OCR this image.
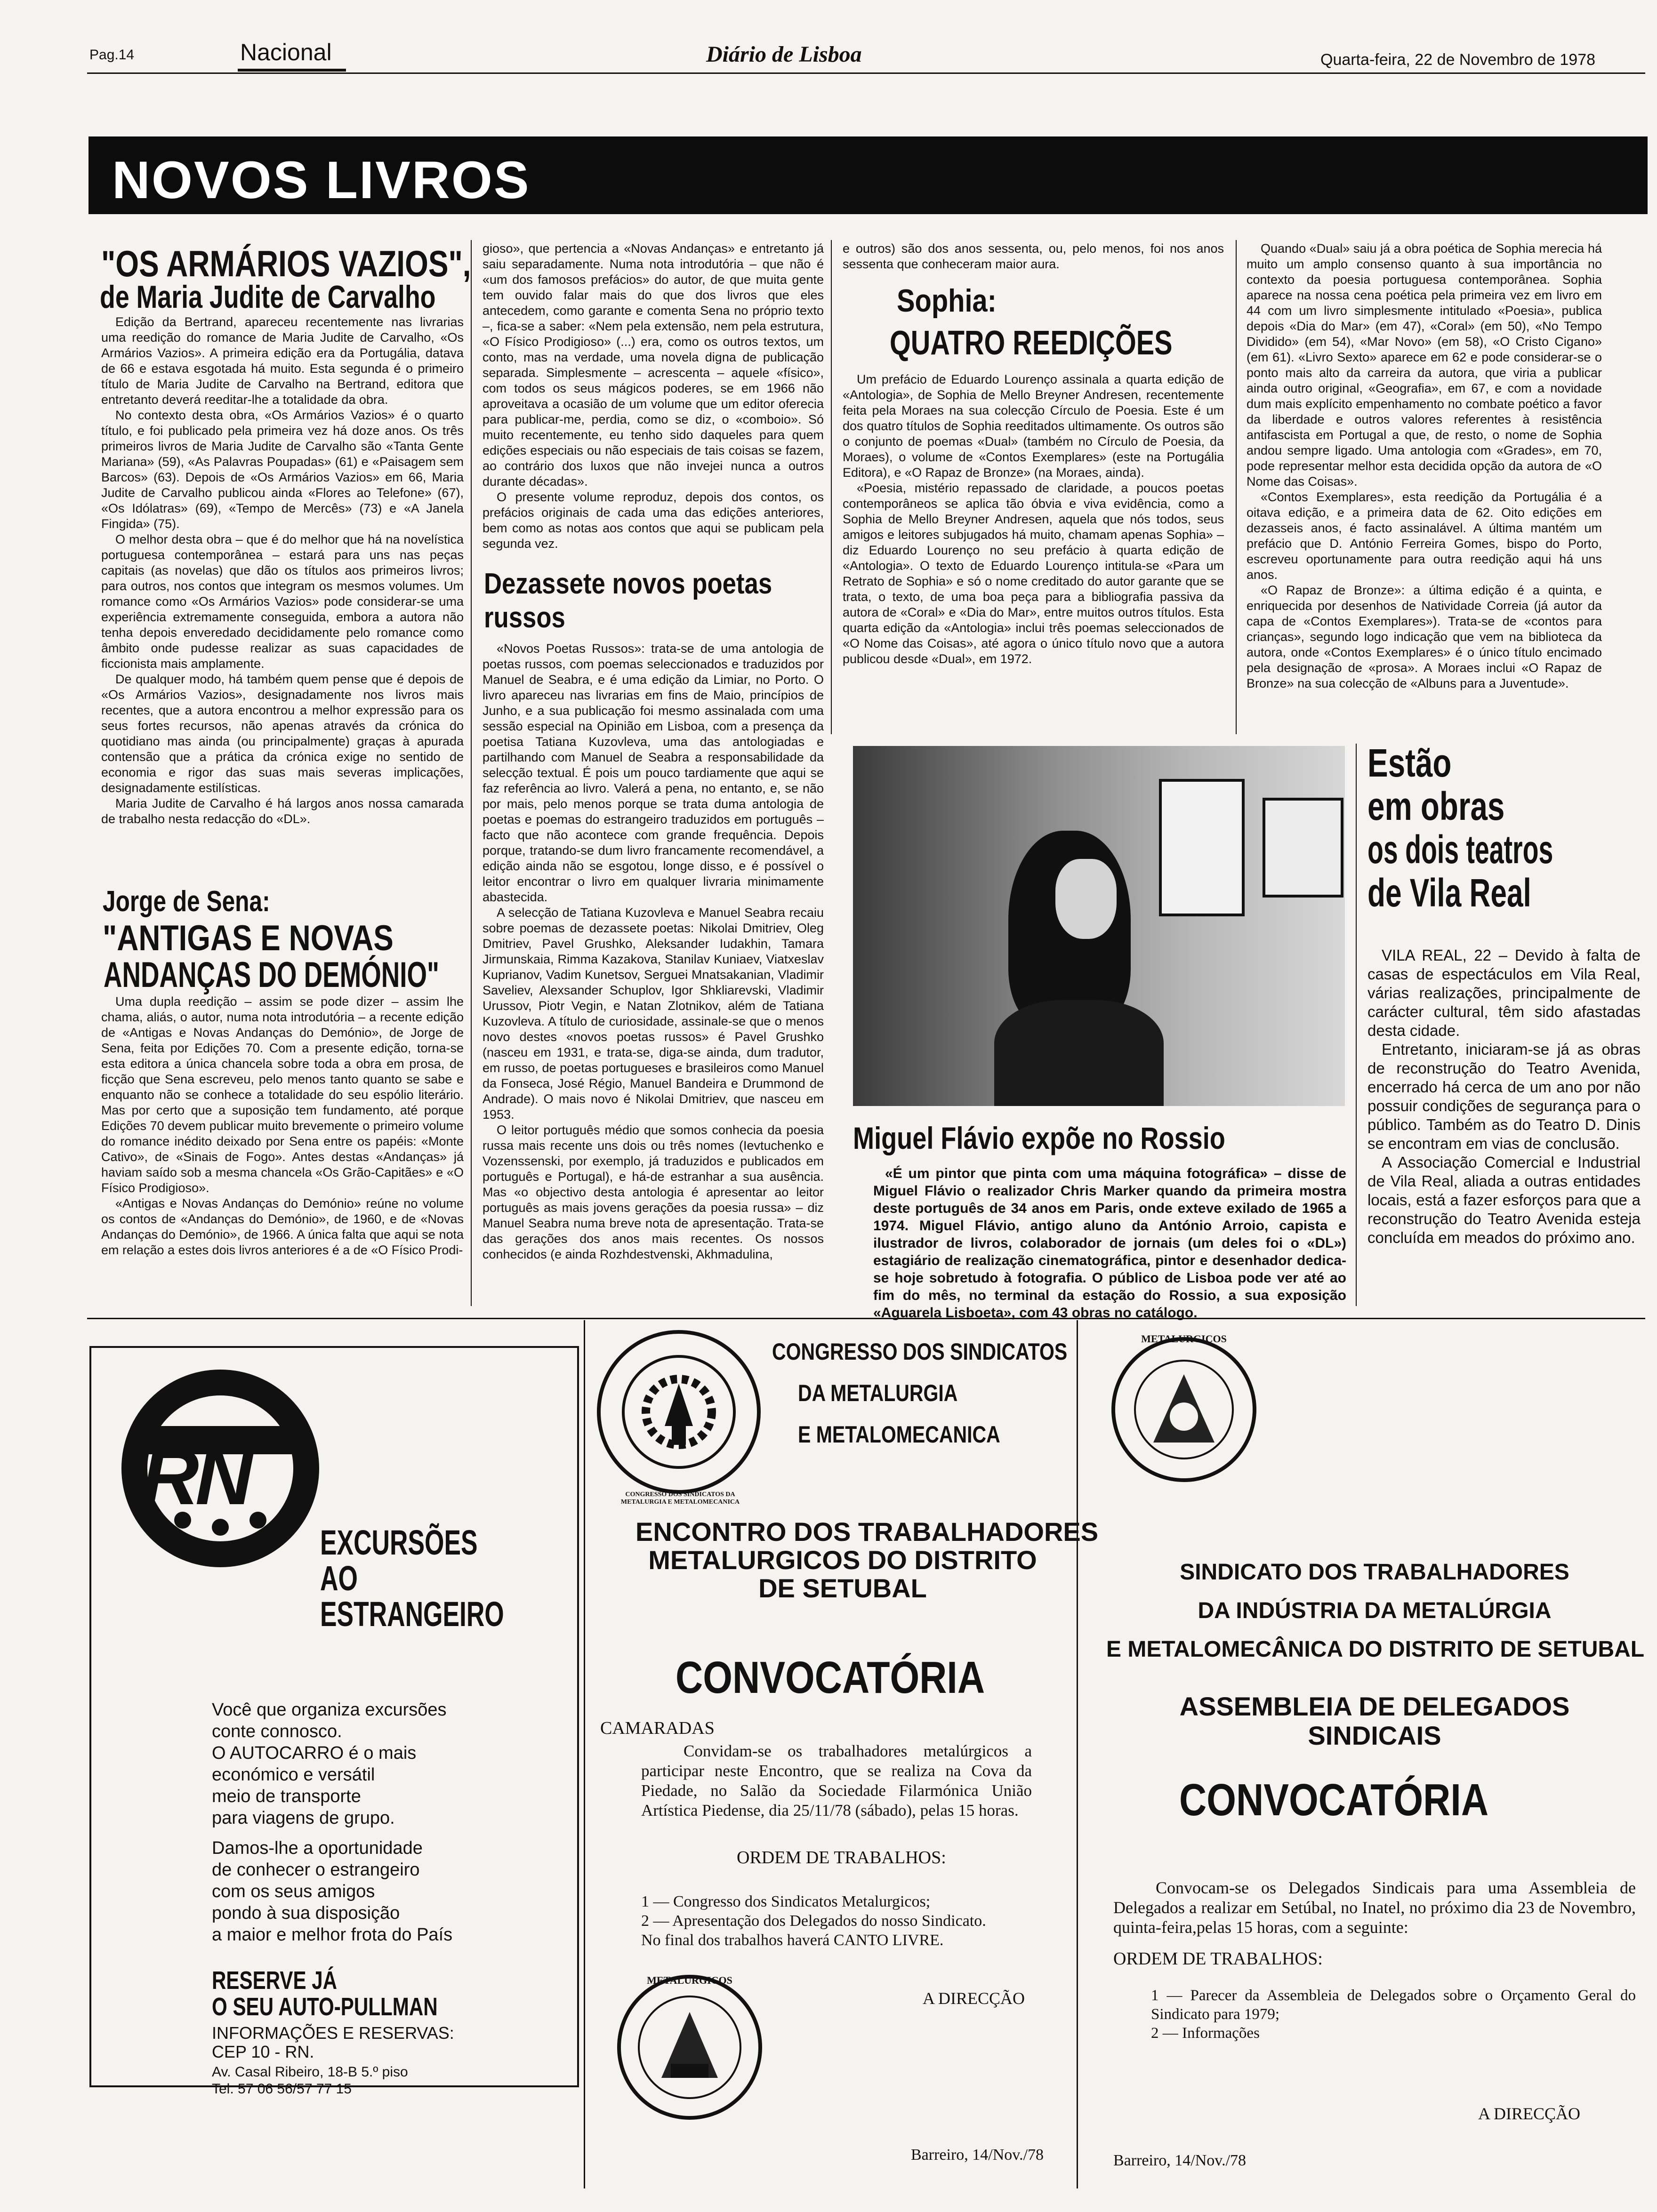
Pag.14	Nacional	Diário de Lisboa	Quarta-feira, 22 de Novembro de 1978
NOVOS LIVROS
"OS ARMÁRIOS VAZIOS",
de Maria Judite de Carvalho

Edição da Bertrand, apareceu recentemente nas livrarias uma reedição do romance de Maria Judite de Carvalho, «Os Armários Vazios». A primeira edição era da Portugália, datava de 66 e estava esgotada há muito. Esta segunda é o primeiro título de Maria Judite de Carvalho na Bertrand, editora que entretanto deverá reeditar-lhe a totalidade da obra.

No contexto desta obra, «Os Armários Vazios» é o quarto título, e foi publicado pela primeira vez há doze anos. Os três primeiros livros de Maria Judite de Carvalho são «Tanta Gente Mariana» (59), «As Palavras Poupadas» (61) e «Paisagem sem Barcos» (63). Depois de «Os Armários Vazios» em 66, Maria Judite de Carvalho publicou ainda «Flores ao Telefone» (67), «Os Idólatras» (69), «Tempo de Mercês» (73) e «A Janela Fingida» (75).

O melhor desta obra – que é do melhor que há na novelística portuguesa contemporânea – estará para uns nas peças capitais (as novelas) que dão os títulos aos primeiros livros; para outros, nos contos que integram os mesmos volumes. Um romance como «Os Armários Vazios» pode considerar-se uma experiência extremamente conseguida, embora a autora não tenha depois enveredado decididamente pelo romance como âmbito onde pudesse realizar as suas capacidades de ficcionista mais amplamente.

De qualquer modo, há também quem pense que é depois de «Os Armários Vazios», designadamente nos livros mais recentes, que a autora encontrou a melhor expressão para os seus fortes recursos, não apenas através da crónica do quotidiano mas ainda (ou principalmente) graças à apurada contensão que a prática da crónica exige no sentido de economia e rigor das suas mais severas implicações, designadamente estilísticas.

Maria Judite de Carvalho é há largos anos nossa camarada de trabalho nesta redacção do «DL».

Jorge de Sena:
"ANTIGAS E NOVAS
ANDANÇAS DO DEMÓNIO"

Uma dupla reedição – assim se pode dizer – assim lhe chama, aliás, o autor, numa nota introdutória – a recente edição de «Antigas e Novas Andanças do Demónio», de Jorge de Sena, feita por Edições 70. Com a presente edição, torna-se esta editora a única chancela sobre toda a obra em prosa, de ficção que Sena escreveu, pelo menos tanto quanto se sabe e enquanto não se conhece a totalidade do seu espólio literário. Mas por certo que a suposição tem fundamento, até porque Edições 70 devem publicar muito brevemente o primeiro volume do romance inédito deixado por Sena entre os papéis: «Monte Cativo», de «Sinais de Fogo». Antes destas «Andanças» já haviam saído sob a mesma chancela «Os Grão-Capitães» e «O Físico Prodigioso».

«Antigas e Novas Andanças do Demónio» reúne no volume os contos de «Andanças do Demónio», de 1960, e de «Novas Andanças do Demónio», de 1966. A única falta que aqui se nota em relação a estes dois livros anteriores é a de «O Físico Prodi-

gioso», que pertencia a «Novas Andanças» e entretanto já saiu separadamente. Numa nota introdutória – que não é «um dos famosos prefácios» do autor, de que muita gente tem ouvido falar mais do que dos livros que eles antecedem, como garante e comenta Sena no próprio texto –, fica-se a saber: «Nem pela extensão, nem pela estrutura, «O Físico Prodigioso» (...) era, como os outros textos, um conto, mas na verdade, uma novela digna de publicação separada. Simplesmente – acrescenta – aquele «físico», com todos os seus mágicos poderes, se em 1966 não aproveitava a ocasião de um volume que um editor oferecia para publicar-me, perdia, como se diz, o «comboio». Só muito recentemente, eu tenho sido daqueles para quem edições especiais ou não especiais de tais coisas se fazem, ao contrário dos luxos que não invejei nunca a outros durante décadas».

O presente volume reproduz, depois dos contos, os prefácios originais de cada uma das edições anteriores, bem como as notas aos contos que aqui se publicam pela segunda vez.

Dezassete novos poetas russos

«Novos Poetas Russos»: trata-se de uma antologia de poetas russos, com poemas seleccionados e traduzidos por Manuel de Seabra, e é uma edição da Limiar, no Porto. O livro apareceu nas livrarias em fins de Maio, princípios de Junho, e a sua publicação foi mesmo assinalada com uma sessão especial na Opinião em Lisboa, com a presença da poetisa Tatiana Kuzovleva, uma das antologiadas e partilhando com Manuel de Seabra a responsabilidade da selecção textual. É pois um pouco tardiamente que aqui se faz referência ao livro. Valerá a pena, no entanto, e, se não por mais, pelo menos porque se trata duma antologia de poetas e poemas do estrangeiro traduzidos em português – facto que não acontece com grande frequência. Depois porque, tratando-se dum livro francamente recomendável, a edição ainda não se esgotou, longe disso, e é possível o leitor encontrar o livro em qualquer livraria minimamente abastecida.

A selecção de Tatiana Kuzovleva e Manuel Seabra recaiu sobre poemas de dezassete poetas: Nikolai Dmitriev, Oleg Dmitriev, Pavel Grushko, Aleksander Iudakhin, Tamara Jirmunskaia, Rimma Kazakova, Stanilav Kuniaev, Viatxeslav Kuprianov, Vadim Kunetsov, Serguei Mnatsakanian, Vladimir Saveliev, Alexsander Schuplov, Igor Shkliarevski, Vladimir Urussov, Piotr Vegin, e Natan Zlotnikov, além de Tatiana Kuzovleva. A título de curiosidade, assinale-se que o menos novo destes «novos poetas russos» é Pavel Grushko (nasceu em 1931, e trata-se, diga-se ainda, dum tradutor, em russo, de poetas portugueses e brasileiros como Manuel da Fonseca, José Régio, Manuel Bandeira e Drummond de Andrade). O mais novo é Nikolai Dmitriev, que nasceu em 1953.

O leitor português médio que somos conhecia da poesia russa mais recente uns dois ou três nomes (Ievtuchenko e Vozenssenski, por exemplo, já traduzidos e publicados em português e Portugal), e há-de estranhar a sua ausência. Mas «o objectivo desta antologia é apresentar ao leitor português as mais jovens gerações da poesia russa» – diz Manuel Seabra numa breve nota de apresentação. Trata-se das gerações dos anos mais recentes. Os nossos conhecidos (e ainda Rozhdestvenski, Akhmadulina,

e outros) são dos anos sessenta, ou, pelo menos, foi nos anos sessenta que conheceram maior aura.

Sophia:
QUATRO REEDIÇÕES

Um prefácio de Eduardo Lourenço assinala a quarta edição de «Antologia», de Sophia de Mello Breyner Andresen, recentemente feita pela Moraes na sua colecção Círculo de Poesia. Este é um dos quatro títulos de Sophia reeditados ultimamente. Os outros são o conjunto de poemas «Dual» (também no Círculo de Poesia, da Moraes), o volume de «Contos Exemplares» (este na Portugália Editora), e «O Rapaz de Bronze» (na Moraes, ainda).

«Poesia, mistério repassado de claridade, a poucos poetas contemporâneos se aplica tão óbvia e viva evidência, como a Sophia de Mello Breyner Andresen, aquela que nós todos, seus amigos e leitores subjugados há muito, chamam apenas Sophia» – diz Eduardo Lourenço no seu prefácio à quarta edição de «Antologia». O texto de Eduardo Lourenço intitula-se «Para um Retrato de Sophia» e só o nome creditado do autor garante que se trata, o texto, de uma boa peça para a bibliografia passiva da autora de «Coral» e «Dia do Mar», entre muitos outros títulos. Esta quarta edição da «Antologia» inclui três poemas seleccionados de «O Nome das Coisas», até agora o único título novo que a autora publicou desde «Dual», em 1972.

Quando «Dual» saiu já a obra poética de Sophia merecia há muito um amplo consenso quanto à sua importância no contexto da poesia portuguesa contemporânea. Sophia aparece na nossa cena poética pela primeira vez em livro em 44 com um livro simplesmente intitulado «Poesia», publica depois «Dia do Mar» (em 47), «Coral» (em 50), «No Tempo Dividido» (em 54), «Mar Novo» (em 58), «O Cristo Cigano» (em 61). «Livro Sexto» aparece em 62 e pode considerar-se o ponto mais alto da carreira da autora, que viria a publicar ainda outro original, «Geografia», em 67, e com a novidade dum mais explícito empenhamento no combate poético a favor da liberdade e outros valores referentes à resistência antifascista em Portugal a que, de resto, o nome de Sophia andou sempre ligado. Uma antologia com «Grades», em 70, pode representar melhor esta decidida opção da autora de «O Nome das Coisas».

«Contos Exemplares», esta reedição da Portugália é a oitava edição, e a primeira data de 62. Oito edições em dezasseis anos, é facto assinalável. A última mantém um prefácio que D. António Ferreira Gomes, bispo do Porto, escreveu oportunamente para outra reedição aqui há uns anos.

«O Rapaz de Bronze»: a última edição é a quinta, e enriquecida por desenhos de Natividade Correia (já autor da capa de «Contos Exemplares»). Trata-se de «contos para crianças», segundo logo indicação que vem na biblioteca da autora, onde «Contos Exemplares» é o único título encimado pela designação de «prosa». A Moraes inclui «O Rapaz de Bronze» na sua colecção de «Albuns para a Juventude».

Miguel Flávio expõe no Rossio

«É um pintor que pinta com uma máquina fotográfica» – disse de Miguel Flávio o realizador Chris Marker quando da primeira mostra deste português de 34 anos em Paris, onde exteve exilado de 1965 a 1974. Miguel Flávio, antigo aluno da António Arroio, capista e ilustrador de livros, colaborador de jornais (um deles foi o «DL») estagiário de realização cinematográfica, pintor e desenhador dedica-se hoje sobretudo à fotografia. O público de Lisboa pode ver até ao fim do mês, no terminal da estação do Rossio, a sua exposição «Aguarela Lisboeta», com 43 obras no catálogo.

Estão
em obras
os dois teatros
de Vila Real

VILA REAL, 22 – Devido à falta de casas de espectáculos em Vila Real, várias realizações, principalmente de carácter cultural, têm sido afastadas desta cidade.

Entretanto, iniciaram-se já as obras de reconstrução do Teatro Avenida, encerrado há cerca de um ano por não possuir condições de segurança para o público. Também as do Teatro D. Dinis se encontram em vias de conclusão.

A Associação Comercial e Industrial de Vila Real, aliada a outras entidades locais, está a fazer esforços para que a reconstrução do Teatro Avenida esteja concluída em meados do próximo ano.

RN
EXCURSÕES
AO
ESTRANGEIRO
Você que organiza excursões
conte connosco.
O AUTOCARRO é o mais
económico e versátil
meio de transporte
para viagens de grupo.
Damos-lhe a oportunidade
de conhecer o estrangeiro
com os seus amigos
pondo à sua disposição
a maior e melhor frota do País
RESERVE JÁ
O SEU AUTO-PULLMAN
INFORMAÇÕES E RESERVAS:
CEP 10 - RN.
Av. Casal Ribeiro, 18-B 5.º piso
Tel. 57 06 56/57 77 15
CONGRESSO DOS SINDICATOS DA METALURGIA E METALOMECANICA
CONGRESSO DOS SINDICATOS
DA METALURGIA
E METALOMECANICA
ENCONTRO DOS TRABALHADORES
METALURGICOS DO DISTRITO
DE SETUBAL
CONVOCATÓRIA
CAMARADAS
Convidam-se os trabalhadores metalúrgicos a participar neste Encontro, que se realiza na Cova da Piedade, no Salão da Sociedade Filarmónica União Artística Piedense, dia 25/11/78 (sábado), pelas 15 horas.
ORDEM DE TRABALHOS:
1 — Congresso dos Sindicatos Metalurgicos;
2 — Apresentação dos Delegados do nosso Sindicato.
No final dos trabalhos haverá CANTO LIVRE.
A DIRECÇÃO
METALURGICOS
Barreiro, 14/Nov./78
METALURGICOS
SINDICATO DOS TRABALHADORES
DA INDÚSTRIA DA METALÚRGIA
E METALOMECÂNICA DO DISTRITO DE SETUBAL
ASSEMBLEIA DE DELEGADOS
SINDICAIS
CONVOCATÓRIA
Convocam-se os Delegados Sindicais para uma Assembleia de Delegados a realizar em Setúbal, no Inatel, no próximo dia 23 de Novembro, quinta-feira,pelas 15 horas, com a seguinte:
ORDEM DE TRABALHOS:
1 — Parecer da Assembleia de Delegados sobre o Orçamento Geral do Sindicato para 1979;
2 — Informações
A DIRECÇÃO
Barreiro, 14/Nov./78
